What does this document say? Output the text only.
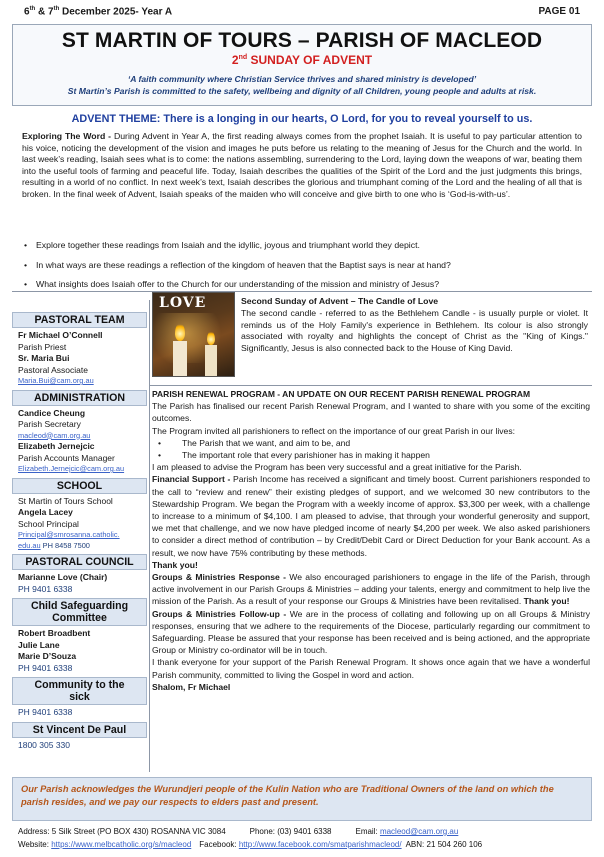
6th & 7th December 2025- Year A	PAGE 01
ST MARTIN OF TOURS – PARISH OF MACLEOD
2nd SUNDAY OF ADVENT
‘A faith community where Christian Service thrives and shared ministry is developed’
St Martin’s Parish is committed to the safety, wellbeing and dignity of all Children, young people and adults at risk.
ADVENT THEME: There is a longing in our hearts, O Lord, for you to reveal yourself to us.
Exploring The Word - During Advent in Year A, the first reading always comes from the prophet Isaiah. It is useful to pay particular attention to his voice, noticing the development of the vision and images he puts before us relating to the meaning of Jesus for the Church and the world. In last week’s reading, Isaiah sees what is to come: the nations assembling, surrendering to the Lord, laying down the weapons of war, beating them into the useful tools of farming and peaceful life. Today, Isaiah describes the qualities of the Spirit of the Lord and the just judgments this brings, resulting in a world of no conflict. In next week’s text, Isaiah describes the glorious and triumphant coming of the Lord and the healing of all that is broken. In the final week of Advent, Isaiah speaks of the maiden who will conceive and give birth to one who is ‘God-is-with-us’.
• Explore together these readings from Isaiah and the idyllic, joyous and triumphant world they depict.
• In what ways are these readings a reflection of the kingdom of heaven that the Baptist says is near at hand?
• What insights does Isaiah offer to the Church for our understanding of the mission and ministry of Jesus?
PASTORAL TEAM
Fr Michael O’Connell
Parish Priest
Sr. Maria Bui
Pastoral Associate
Maria.Bui@cam.org.au
ADMINISTRATION
Candice Cheung
Parish Secretary
macleod@cam.org.au
Elizabeth Jernejcic
Parish Accounts Manager
Elizabeth.Jernejcic@cam.org.au
SCHOOL
St Martin of Tours School
Angela Lacey
School Principal
Principal@smrosanna.catholic.
edu.au PH 8458 7500
PASTORAL COUNCIL
Marianne Love (Chair)
PH 9401 6338
Child Safeguarding Committee
Robert Broadbent
Julie Lane
Marie D’Souza
PH 9401 6338
Community to the sick
PH 9401 6338
St Vincent De Paul
1800 305 330
LOVE	Second Sunday of Advent – The Candle of Love
The second candle - referred to as the Bethlehem Candle - is usually purple or violet. It reminds us of the Holy Family's experience in Bethlehem. Its colour is also strongly associated with royalty and highlights the concept of Christ as the "King of Kings." Significantly, Jesus is also connected back to the House of King David.
PARISH RENEWAL PROGRAM - AN UPDATE ON OUR RECENT PARISH RENEWAL PROGRAM
The Parish has finalised our recent Parish Renewal Program, and I wanted to share with you some of the exciting outcomes.
The Program invited all parishioners to reflect on the importance of our great Parish in our lives:
• The Parish that we want, and aim to be, and
• The important role that every parishioner has in making it happen
I am pleased to advise the Program has been very successful and a great initiative for the Parish.
Financial Support - Parish Income has received a significant and timely boost. Current parishioners responded to the call to “review and renew” their existing pledges of support, and we welcomed 30 new contributors to the Stewardship Program. We began the Program with a weekly income of approx. $3,300 per week, with a challenge to increase to a minimum of $4,100. I am pleased to advise, that through your wonderful generosity and support, we met that challenge, and we now have pledged income of nearly $4,200 per week. We also asked parishioners to consider a direct method of contribution – by Credit/Debit Card or Direct Deduction for your Bank account. As a result, we now have 75% contributing by these methods.
Thank you!
Groups & Ministries Response - We also encouraged parishioners to engage in the life of the Parish, through active involvement in our Parish Groups & Ministries – adding your talents, energy and commitment to help live the mission of the Parish. As a result of your response our Groups & Ministries have been revitalised. Thank you!
Groups & Ministries Follow-up - We are in the process of collating and following up on all Groups & Ministry responses, ensuring that we adhere to the requirements of the Diocese, particularly regarding our commitment to Safeguarding. Please be assured that your response has been received and is being actioned, and the appropriate Group or Ministry co-ordinator will be in touch.
I thank everyone for your support of the Parish Renewal Program. It shows once again that we have a wonderful Parish community, committed to living the Gospel in word and action.
Shalom, Fr Michael
Our Parish acknowledges the Wurundjeri people of the Kulin Nation who are Traditional Owners of the land on which the parish resides, and we pay our respects to elders past and present.
Address: 5 Silk Street (PO BOX 430) ROSANNA VIC 3084	Phone: (03) 9401 6338	Email: macleod@cam.org.au
Website: https://www.melbcatholic.org/s/macleod Facebook: http://www.facebook.com/smatparishmacleod/ ABN: 21 504 260 106
